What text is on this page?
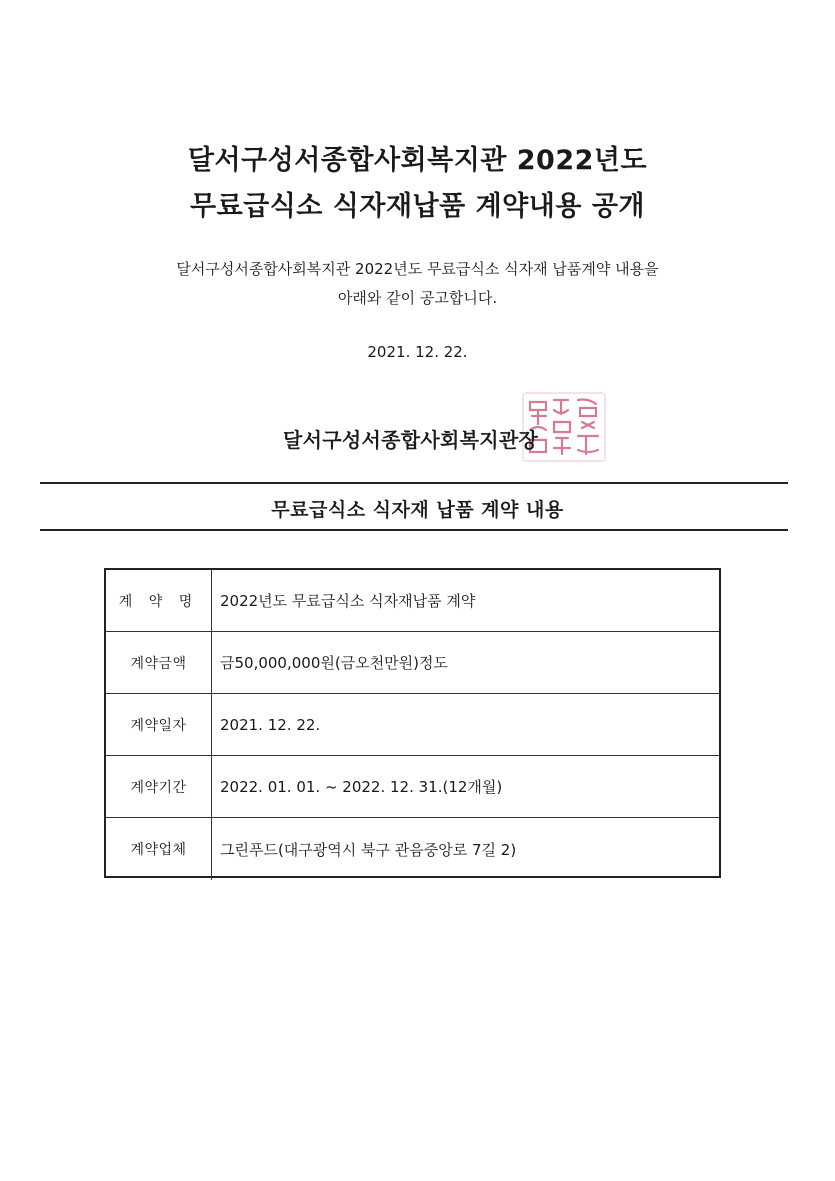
달서구성서종합사회복지관 2022년도
무료급식소 식자재납품 계약내용 공개
달서구성서종합사회복지관 2022년도 무료급식소 식자재 납품계약 내용을
아래와 같이 공고합니다.
2021. 12. 22.
달서구성서종합사회복지관장
무료급식소 식자재 납품 계약 내용
계 약 명	2022년도 무료급식소 식자재납품 계약
계약금액	금50,000,000원(금오천만원)정도
계약일자	2021. 12. 22.
계약기간	2022. 01. 01. ~ 2022. 12. 31.(12개월)
계약업체	그린푸드(대구광역시 북구 관음중앙로 7길 2)
